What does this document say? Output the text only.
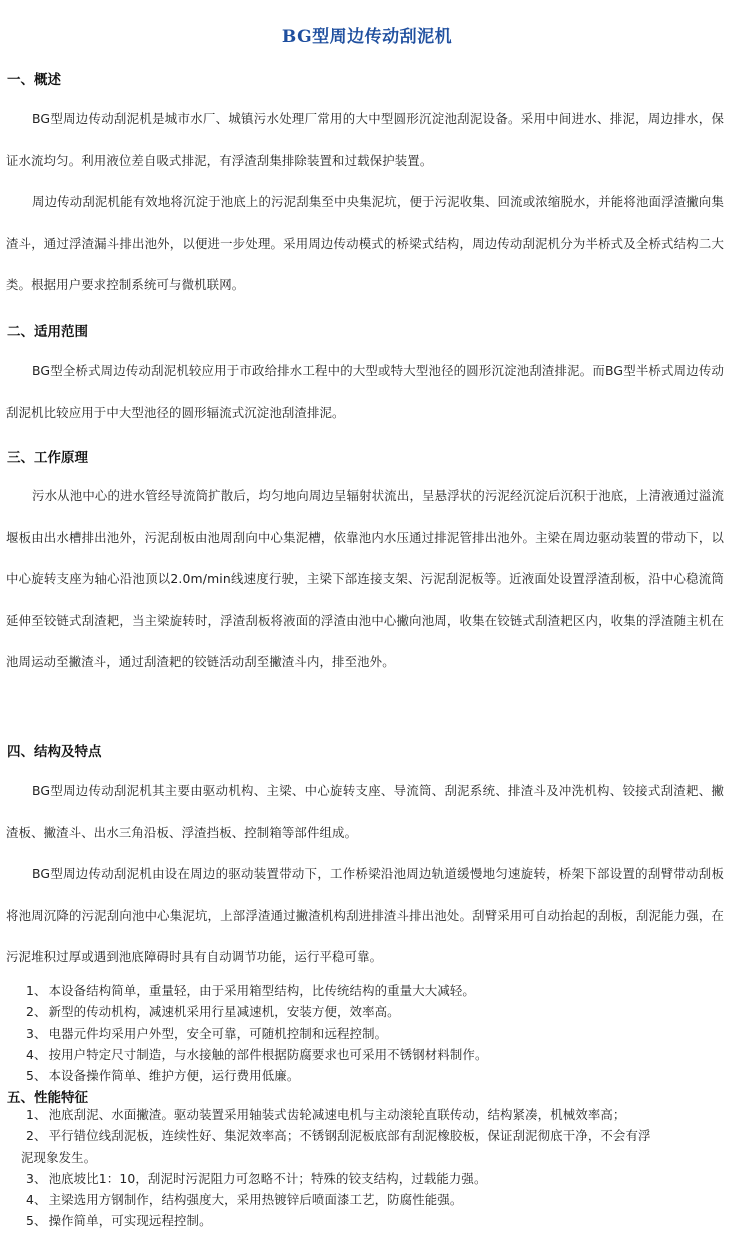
BG型周边传动刮泥机
一、概述

BG型周边传动刮泥机是城市水厂、城镇污水处理厂常用的大中型圆形沉淀池刮泥设备。采用中间进水、排泥，周边排水，保证水流均匀。利用液位差自吸式排泥，有浮渣刮集排除装置和过载保护装置。

周边传动刮泥机能有效地将沉淀于池底上的污泥刮集至中央集泥坑，便于污泥收集、回流或浓缩脱水，并能将池面浮渣撇向集渣斗，通过浮渣漏斗排出池外，以便进一步处理。采用周边传动模式的桥梁式结构，周边传动刮泥机分为半桥式及全桥式结构二大类。根据用户要求控制系统可与微机联网。

二、适用范围

BG型全桥式周边传动刮泥机较应用于市政给排水工程中的大型或特大型池径的圆形沉淀池刮渣排泥。而BG型半桥式周边传动刮泥机比较应用于中大型池径的圆形辐流式沉淀池刮渣排泥。

三、工作原理

污水从池中心的进水管经导流筒扩散后，均匀地向周边呈辐射状流出，呈悬浮状的污泥经沉淀后沉积于池底，上清液通过溢流堰板由出水槽排出池外，污泥刮板由池周刮向中心集泥槽，依靠池内水压通过排泥管排出池外。主梁在周边驱动装置的带动下，以中心旋转支座为轴心沿池顶以2.0m/min线速度行驶，主梁下部连接支架、污泥刮泥板等。近液面处设置浮渣刮板，沿中心稳流筒延伸至铰链式刮渣耙，当主梁旋转时，浮渣刮板将液面的浮渣由池中心撇向池周，收集在铰链式刮渣耙区内，收集的浮渣随主机在池周运动至撇渣斗，通过刮渣耙的铰链活动刮至撇渣斗内，排至池外。

四、结构及特点

BG型周边传动刮泥机其主要由驱动机构、主梁、中心旋转支座、导流筒、刮泥系统、排渣斗及冲洗机构、铰接式刮渣耙、撇渣板、撇渣斗、出水三角沿板、浮渣挡板、控制箱等部件组成。

BG型周边传动刮泥机由设在周边的驱动装置带动下，工作桥梁沿池周边轨道缓慢地匀速旋转，桥架下部设置的刮臂带动刮板将池周沉降的污泥刮向池中心集泥坑，上部浮渣通过撇渣机构刮进排渣斗排出池处。刮臂采用可自动抬起的刮板，刮泥能力强，在污泥堆积过厚或遇到池底障碍时具有自动调节功能，运行平稳可靠。

1、 本设备结构简单，重量轻，由于采用箱型结构，比传统结构的重量大大减轻。
2、 新型的传动机构，减速机采用行星减速机，安装方便，效率高。
3、 电器元件均采用户外型，安全可靠，可随机控制和远程控制。
4、 按用户特定尺寸制造，与水接触的部件根据防腐要求也可采用不锈钢材料制作。
5、 本设备操作简单、维护方便，运行费用低廉。
五、性能特征
1、 池底刮泥、水面撇渣。驱动装置采用轴装式齿轮减速电机与主动滚轮直联传动，结构紧凑，机械效率高；
2、 平行错位线刮泥板，连续性好、集泥效率高；不锈钢刮泥板底部有刮泥橡胶板，保证刮泥彻底干净，不会有浮
泥现象发生。
3、 池底坡比1：10，刮泥时污泥阻力可忽略不计；特殊的铰支结构，过载能力强。
4、 主梁选用方钢制作，结构强度大，采用热镀锌后喷面漆工艺，防腐性能强。
5、 操作简单，可实现远程控制。
